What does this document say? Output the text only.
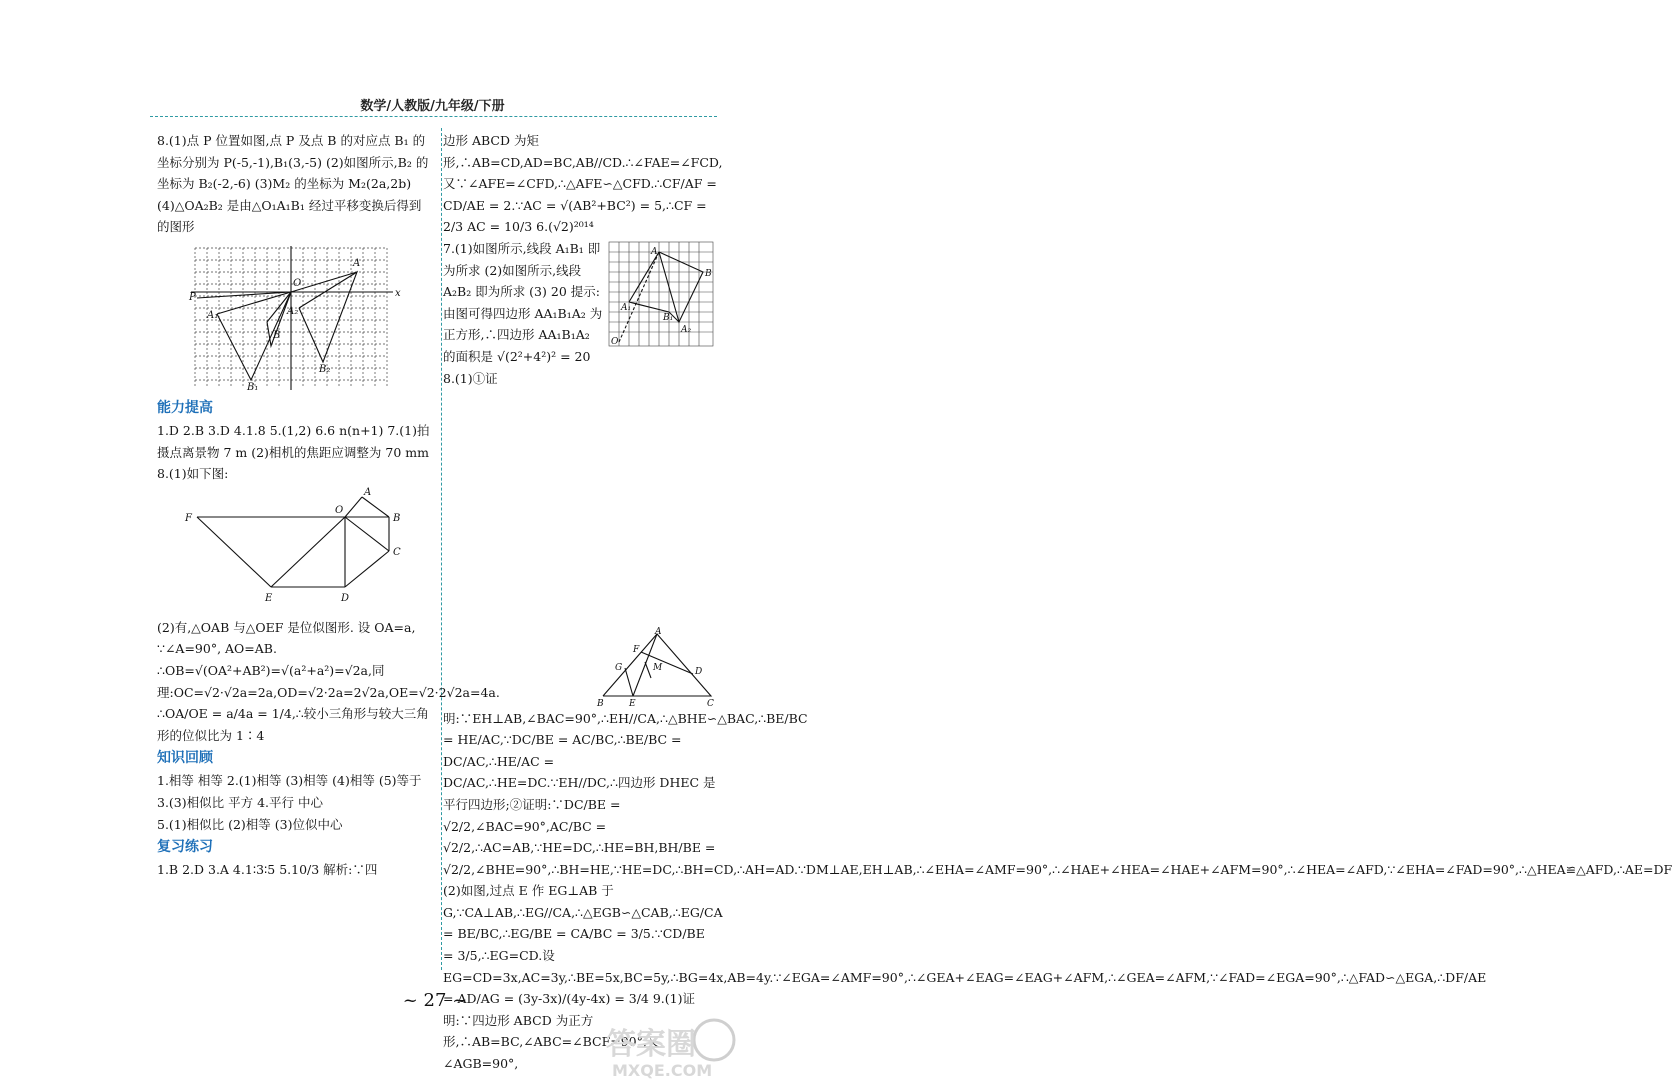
数学/人教版/九年级/下册

8.(1)点 P 位置如图,点 P 及点 B 的对应点 B₁ 的坐标分别为 P(-5,-1),B₁(3,-5) (2)如图所示,B₂ 的坐标为 B₂(-2,-6) (3)M₂ 的坐标为 M₂(2a,2b) (4)△OA₂B₂ 是由△O₁A₁B₁ 经过平移变换后得到的图形

O
P
A
A₁
B
B₁
A₂
B₂
x
能力提高

1.D 2.B 3.D 4.1.8 5.(1,2) 6.6 n(n+1) 7.(1)拍摄点离景物 7 m (2)相机的焦距应调整为 70 mm 8.(1)如下图:

A
O
B
F
C
E	D

(2)有,△OAB 与△OEF 是位似图形. 设 OA=a, ∵∠A=90°, AO=AB. ∴OB=√(OA²+AB²)=√(a²+a²)=√2a,同理:OC=√2·√2a=2a,OD=√2·2a=2√2a,OE=√2·2√2a=4a. ∴OA/OE = a/4a = 1/4,∴较小三角形与较大三角形的位似比为 1∶4

知识回顾

1.相等 相等 2.(1)相等 (3)相等 (4)相等 (5)等于 3.(3)相似比 平方 4.平行 中心

5.(1)相似比 (2)相等 (3)位似中心

复习练习

1.B 2.D 3.A 4.1∶3∶5 5.10/3 解析:∵四

边形 ABCD 为矩形,∴AB=CD,AD=BC,AB//CD.∴∠FAE=∠FCD,又∵∠AFE=∠CFD,∴△AFE∽△CFD.∴CF/AF = CD/AE = 2.∵AC = √(AB²+BC²) = 5,∴CF = 2/3 AC = 10/3 6.(√2)²⁰¹⁴

A
B
A₁
B₁
A₂
O

7.(1)如图所示,线段 A₁B₁ 即为所求 (2)如图所示,线段 A₂B₂ 即为所求 (3) 20 提示:由图可得四边形 AA₁B₁A₂ 为正方形,∴四边形 AA₁B₁A₂ 的面积是 √(2²+4²)² = 20

A
F
G	M	D
B	E	C

8.(1)①证明:∵EH⊥AB,∠BAC=90°,∴EH//CA,∴△BHE∽△BAC,∴BE/BC = HE/AC,∵DC/BE = AC/BC,∴BE/BC = DC/AC,∴HE/AC = DC/AC,∴HE=DC.∵EH//DC,∴四边形 DHEC 是平行四边形;②证明:∵DC/BE = √2/2,∠BAC=90°,AC/BC = √2/2,∴AC=AB,∵HE=DC,∴HE=BH,BH/BE = √2/2,∠BHE=90°,∴BH=HE,∵HE=DC,∴BH=CD,∴AH=AD.∵DM⊥AE,EH⊥AB,∴∠EHA=∠AMF=90°,∴∠HAE+∠HEA=∠HAE+∠AFM=90°,∴∠HEA=∠AFD,∵∠EHA=∠FAD=90°,∴△HEA≌△AFD,∴AE=DF (2)如图,过点 E 作 EG⊥AB 于 G,∵CA⊥AB,∴EG//CA,∴△EGB∽△CAB,∴EG/CA = BE/BC,∴EG/BE = CA/BC = 3/5.∵CD/BE = 3/5,∴EG=CD.设 EG=CD=3x,AC=3y,∴BE=5x,BC=5y,∴BG=4x,AB=4y.∵∠EGA=∠AMF=90°,∴∠GEA+∠EAG=∠EAG+∠AFM,∴∠GEA=∠AFM,∵∠FAD=∠EGA=90°,∴△FAD∽△EGA,∴DF/AE = AD/AG = (3y-3x)/(4y-4x) = 3/4 9.(1)证明:∵四边形 ABCD 为正方形,∴AB=BC,∠ABC=∠BCF=90°,又∠AGB=90°,

~ 27 ~
答案圈
MXQE.COM
